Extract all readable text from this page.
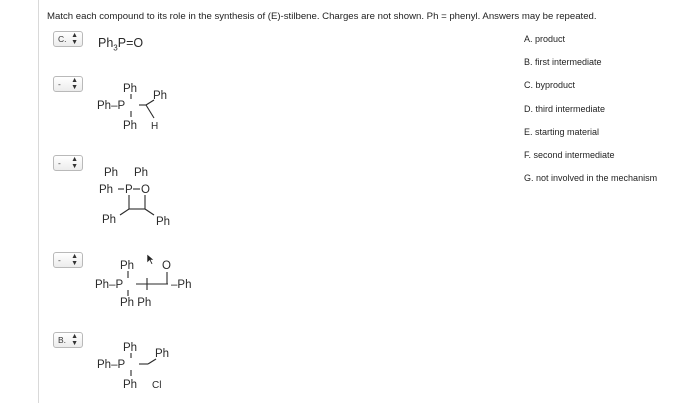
Match each compound to its role in the synthesis of (E)-stilbene. Charges are not shown. Ph = phenyl. Answers may be repeated.
C. ▲
▼ $Ph_3P=O$
-	▲
▼	Ph
Ph–P
Ph
Ph
H
-	▲
▼
Ph Ph
Ph P O
Ph	Ph
-	▲
▼	Ph O
Ph–P	–Ph
Ph Ph
B. ▲
▼	Ph
Ph–P
Ph
Ph
Cl
A. product
B. first intermediate
C. byproduct
D. third intermediate
E. starting material
F. second intermediate
G. not involved in the mechanism
